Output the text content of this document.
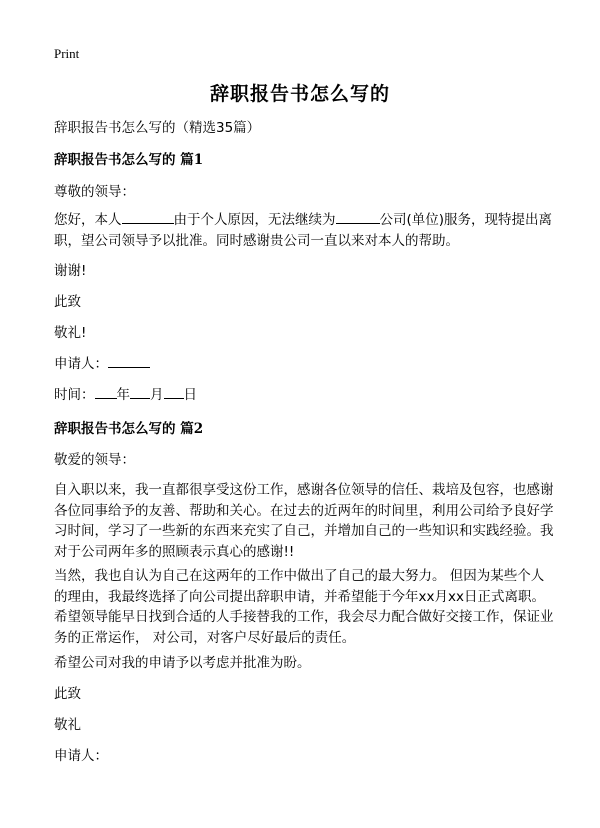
Print
辞职报告书怎么写的

辞职报告书怎么写的（精选35篇）

辞职报告书怎么写的 篇1

尊敬的领导：

您好，本人	由于个人原因，无法继续为	公司(单位)服务，现特提出离职，望公司领导予以批准。同时感谢贵公司一直以来对本人的帮助。

谢谢!

此致

敬礼!

申请人：

时间： 年 月 日

辞职报告书怎么写的 篇2

敬爱的领导：

自入职以来，我一直都很享受这份工作，感谢各位领导的信任、栽培及包容，也感谢各位同事给予的友善、帮助和关心。在过去的近两年的时间里，利用公司给予良好学习时间，学习了一些新的东西来充实了自己，并增加自己的一些知识和实践经验。我对于公司两年多的照顾表示真心的感谢!!

当然，我也自认为自己在这两年的工作中做出了自己的最大努力。 但因为某些个人的理由，我最终选择了向公司提出辞职申请，并希望能于今年xx月xx日正式离职。希望领导能早日找到合适的人手接替我的工作，我会尽力配合做好交接工作，保证业务的正常运作， 对公司，对客户尽好最后的责任。

希望公司对我的申请予以考虑并批准为盼。

此致

敬礼

申请人：
